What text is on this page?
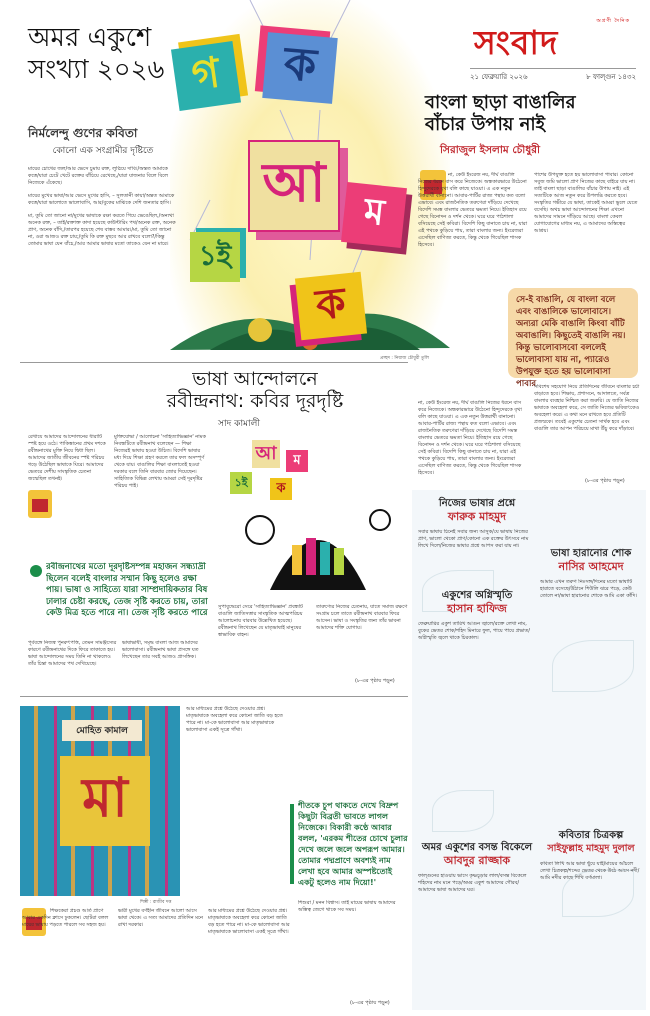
অগ্রণী দৈনিক
সংবাদ
২১ ফেব্রুয়ারি ২০২৬	৮ ফাল্গুন ১৪৩২
অমর একুশে
সংখ্যা ২০২৬ গ	ক
আ	ম
১ই
ক
প্রচ্ছদ : নিয়াজ চৌধুরী তুলি
নির্মলেন্দু গুণের কবিতা
কোনো এক সংগ্রামীর দৃষ্টিতে

মায়ের চোখের জল/আর ভেসে চুমায় রক্ত, লুণ্ঠিয়ে দাবি।/অন্তত আমাকে কত্তে/যারা চেটে খেটে রক্তের বাঁচিয়ে রেখেছে,/যারা যাজনার বিলে বিলে নিজেকে এঁকেছে।

মায়ের মুখের ভাষা/আর ভেসে মুখের হাসি, – সুলতানী কায়া/অন্তত আমাকে কত্তে/যারা ভালোতে ভালোবাসি, আর/বুকের মাঝিকে দেশি জনতার হাসি।

মা, তুমি তো জানো না/মুখের ভাষাকে রক্ষা করতে গিয়ে ভেঙেছিল,/অন্যথা অনেক রক্ত, – তাই/রক্তাক্ত কাদা হয়েছে কাউন্টারিং পথ/অনেক রক্ত, অনেক প্রাণ, অনেক বাঁদি,/তারপর হয়েছে শেষ বাস্তব আমার।/মা, তুমি তো জানো না, ওরা আজও রক্ত চায়;/তুমি কি রক্ত মুছবে আর রাখবে বলো?/কিন্তু তোমার ভাষা যেন বাঁচে,/আর আমার ভাষার মতো তাকেও যেন না মারে।

বাংলা ছাড়া বাঙালির
বাঁচার উপায় নাই
সিরাজুল ইসলাম চৌধুরী
না, কেউ ইংরেজ নয়, দীর্ঘ বাঙালি নিজের ধরনে বাস করে নিজেকে। অন্ধকারভারে উঠেনো হিন্দুদেরকে বৃথা বলি কাছে যাওয়া। এ এক নতুন উত্তরার্থী বানানো। আবার-পার্টির রাজ্য পন্থায় কত বলো এভাবে। এবং রাজনৈতিক তরুণেরা দাঁড়িয়ে দেখেছে বিদেশি সমস্ত বাংলার ভেতরে ক্ষমতা নিয়ে। ইতিহাস রয়ে গেছে বিনোদন ও দর্শন থেকে। ঘরে ঘরে পাঠশালা বসিয়েছে সেই কবিরা। বিদেশি কিছু বানাতে চায় না, যারা এই পথকে কুড়িয়ে পায়, তারা বাংলার জন্য। ইংরেজরা এসেছিল বাণিজ্য করতে, কিন্তু থেকে গিয়েছিল শাসক হিসেবে।
পাশের উপযুক্ত হতে হয় ভালোবাসা পাবার। কোনো সবুজ জমি ভালো প্রাণ নিজের কাছে বাইরে যায় না। তাই বাংলা ছাড়া বাঙালির বাঁচার উপায় নাই। এই সত্যটিকে আজ নতুন করে উপলব্ধি করতে হবে। সংস্কৃতির গভীরে যে ভাষা, তাকেই আমরা ভুলে যেতে বসেছি। অথচ ভাষা আন্দোলনের শিক্ষা এখনো আমাদের সামনে দাঁড়িয়ে আছে। বাংলা কেবল যোগাযোগের মাধ্যম নয়, এ আমাদের অস্তিত্বের আশ্রয়।
সে-ই বাঙালি, যে বাংলা বলে এবং বাঙালিকে ভালোবাসে। অন্যরা মেকি বাঙালি কিংবা বাঁটি অবাঙালি। কিছুতেই বাঙালি নয়। কিন্তু ভালোবাসবো বললেই ভালোবাসা যায় না, প্যারেও উপযুক্ত হতে হয় ভালোবাসা পাবার
সবিশেষ সহযোগ নিয়ে প্রতিদিনের জীবনে বাংলার চর্চা বাড়াতে হবে। শিক্ষায়, প্রশাসনে, আদালতে, সর্বত্র বাংলার ব্যবহার নিশ্চিত করা জরুরি। যে জাতি নিজের ভাষাকে অবহেলা করে, সে জাতি নিজের ভবিষ্যৎকেও অবহেলা করে। এ কথা মনে রাখতে হবে প্রতিটি প্রজন্মকে। তবেই একুশের চেতনা সার্থক হবে এবং বাঙালি তার আপন পরিচয়ে মাথা উঁচু করে দাঁড়াবে।
না, কেউ ইংরেজ নয়, দীর্ঘ বাঙালি নিজের ধরনে বাস করে নিজেকে। অন্ধকারভারে উঠেনো হিন্দুদেরকে বৃথা বলি কাছে যাওয়া। এ এক নতুন উত্তরার্থী বানানো। আবার-পার্টির রাজ্য পন্থায় কত বলো এভাবে। এবং রাজনৈতিক তরুণেরা দাঁড়িয়ে দেখেছে বিদেশি সমস্ত বাংলার ভেতরে ক্ষমতা নিয়ে। ইতিহাস রয়ে গেছে বিনোদন ও দর্শন থেকে। ঘরে ঘরে পাঠশালা বসিয়েছে সেই কবিরা। বিদেশি কিছু বানাতে চায় না, যারা এই পথকে কুড়িয়ে পায়, তারা বাংলার জন্য। ইংরেজরা এসেছিল বাণিজ্য করতে, কিন্তু থেকে গিয়েছিল শাসক হিসেবে।
(৮-এর পৃষ্ঠায় পড়ুন)
ভাষা আন্দোলনে
রবীন্দ্রনাথ: কবির দূরদৃষ্টি
সাদ কামালী
রেখাযে আমাদের আন্দোলনের ধারাটি স্পষ্ট হয়ে ওঠে। পাকিস্তানের প্রথম দশকে রবীন্দ্রনাথের মুক্তি নিয়ে দ্বিধা ছিল। আমাদের জাতীয় জীবনের স্পষ্ট পরিচয় গড়ে উঠেছিল ভাষাকে ঘিরে। আমাদের ভেতরে দেশীয় সাংস্কৃতিক চেতনা জন্মেছিল তখনই।
মুক্তিযোদ্ধা / আলোচনা 'সাহিত্যাভিজ্ঞান' নামক নিবন্ধটিতে রবীন্দ্রনাথ বলেছেন — শিক্ষা নিজেরই ভাষায় হওয়া উচিত। বিদেশি ভাষার মধ্য দিয়ে শিক্ষা গ্রহণ করলে তার ফল অসম্পূর্ণ থেকে যায়। বাঙালির শিক্ষা বাংলাতেই হওয়া দরকার বলে তিনি বারবার জোর দিয়েছেন। সাহিত্যিক বিভিন্ন লেখায় আমরা সেই দূরদৃষ্টির পরিচয় পাই।
আ	ম
১ই	ক
রবীন্দ্রনাথের মতো দূরদৃষ্টিসম্পন্ন মহাজন সন্ধ্যাদ্রী ছিলেন বলেই বাংলার সম্মান কিছু হলেও রক্ষা পায়। ভাষা ও সাহিত্যে যারা সাম্প্রদায়িকতার বিষ ঢালার চেষ্টা করছে, তেজ সৃষ্টি করতে চায়, তারা কেউ মিত্র হতে পারে না। তেজ সৃষ্টি করতে পারে
পূর্ববঙ্গে নিজস্ব পুনরুৎপত্তি, তেমন সামঞ্জস্যের কারণে রবীন্দ্রনাথের দিকে ফিরে তাকাতে হয়। ভাষা আন্দোলনের সময় তিনি না থাকলেও তাঁর চিন্তা আমাদের পথ দেখিয়েছে।
ভাষাভাষী, সমৃদ্ধ বাংলা আজ আমাদের ভালোবাসা। রবীন্দ্রনাথ ভাষা প্রসঙ্গে যত লিখেছেন তার সবই আজও প্রাসঙ্গিক।
সুপাবুদ্ধেরো সেরে 'সাহিত্যাভিজ্ঞান' প্রবন্ধটি বাঙালি জাতিসত্তার সাংস্কৃতিক আত্মপরিচয় আলোচনায় বারবার উল্লেখিত হয়েছে। রবীন্দ্রনাথ লিখেছেন যে মাতৃভাষাই মানুষের স্বাভাবিক বাহন।
তারুণ্যের নিজের চেতনায়, যাতে সমাজ রক্ষণে সংগ্রাম চলে তাতে রবীন্দ্রনাথ বারবার ফিরে আসেন। ভাষা ও সংস্কৃতির জন্য তাঁর ভাবনা আমাদের শক্তি যোগায়।
(৮-এর পৃষ্ঠায় পড়ুন)
নিজের ভাষার প্রশ্নে
ফারুক মাহমুদ
সবার ভাষায় চিনেই সবার জন্য আসুক/যে ভাষায় নিজের প্রাণ, ভালো থেকো প্রাণ/কোনো এক রক্তের উৎসবে নাম লিখে দিলে/নিজের ভাষার প্রশ্নে আপস করা যায় না।
ভাষা হারানোর শোক
নাসির আহমেদ
আমার এখন তরুণ নিঃসঙ্গ/দিনের মতো ভাষাটি হারাতে বসেছে/উঠানে শিউলি ঝরে পড়ে, কেউ তোলে না/ভাষা হারানোর শোকে আমি একা কাঁদি।
একুশের অগ্নিস্মৃতি
হাসান হাফিজ
ফেব্রুয়ারির একুশ তারিখ আগুন জ্বালে/রক্তে লেখা নাম, বুকের ভেতর শোক/শহিদ মিনারে ফুল, পায়ে পায়ে প্রভাত/অগ্নিস্মৃতি জ্বলে থাকে চিরকাল।
কবিতার চিত্রকল্প
সাইফুল্লাহ মাহমুদ দুলাল
কবিতা লিখি আর ভাষা ছুঁয়ে যাই/মায়ের আঁচলে লেখা চিত্রকল্প/শব্দের ভেতর থেকে উঠে আসে নদী/আমি নদীর কাছে শিখি বর্ণমালা।
অমর একুশের বসন্ত বিকেলে
আবদুর রাজ্জাক
ফাল্গুনের হাওয়ায় ভাসে কৃষ্ণচূড়ার লাল/বসন্ত বিকেলে শহিদের নাম মনে পড়ে/অমর একুশ আমাদের গৌরব/আমাদের ভাষা আমাদের ঘর।
মোহিত কামাল
মা
শিল্পী : রাজীব দত্ত
আর মাধ্যমের প্রশ্নে উঠেছে দেওয়ার প্রশ্ন। মাতৃভাষাকে অবহেলা করে কোনো জাতি বড় হতে পারে না। মা-কে ভালোবাসা আর মাতৃভাষাকে ভালোবাসা একই সূত্রে গাঁথা।
শীতকে চুপ থাকতে দেখে বিদ্রুপ কিছুটা বিব্রতী ভাবতে লাগল নিজেকে। বিকারী কণ্ঠে আবার বলল, 'এরকম শীতের চোখে চুলার দেখে জলে জলে অপরূপ আমার। তোমার পদ্মপ্রাণে অবশ্যই নাম লেখা হবে আমার অস্পষ্টতোই একটু হলেও নাম দিয়ো!'
শিক্ষকেরা প্রচণ্ড আর্ত প্রাণে আবার একদিন ক্লাসে ঢুকলেন। ছোটরা বলল মায়ের ভাষায় পড়তে পারলে সব সহজ হয়।
ভারী মুখের বর্ণহীন জীবনে আলো আসে ভাষা থেকে। এ সত্য আমাদের প্রতিদিন মনে রাখা দরকার।
আর মাধ্যমের প্রশ্নে উঠেছে দেওয়ার প্রশ্ন। মাতৃভাষাকে অবহেলা করে কোনো জাতি বড় হতে পারে না। মা-কে ভালোবাসা আর মাতৃভাষাকে ভালোবাসা একই সূত্রে গাঁথা।
শিশুরা / মনন বিশ্বাস। তাই মায়ের ভাষায় আমাদের অস্তিত্ব জেগে থাকে সব সময়।
(৮-এর পৃষ্ঠায় পড়ুন)
